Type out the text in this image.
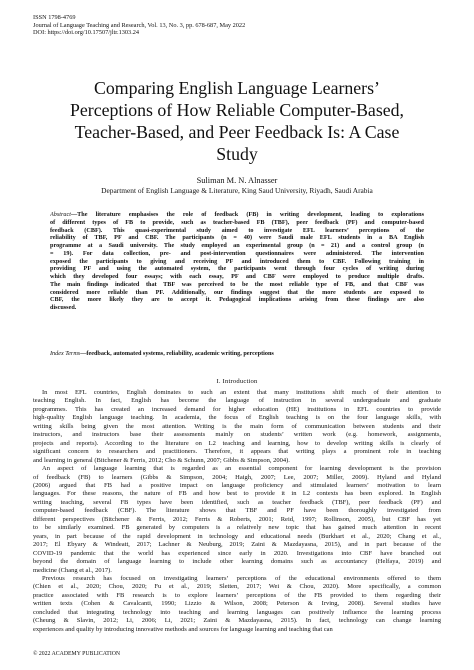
ISSN 1798-4769
Journal of Language Teaching and Research, Vol. 13, No. 3, pp. 678-687, May 2022
DOI: https://doi.org/10.17507/jltr.1303.24
Comparing English Language Learners’
Perceptions of How Reliable Computer-Based,
Teacher-Based, and Peer Feedback Is: A Case
Study
Suliman M. N. Alnasser
Department of English Language & Literature, King Saud University, Riyadh, Saudi Arabia
Abstract—The literature emphasises the role of feedback (FB) in writing development, leading to explorations
of different types of FB to provide, such as teacher-based FB (TBF), peer feedback (PF) and computer-based
feedback (CBF). This quasi-experimental study aimed to investigate EFL learners’ perceptions of the
reliability of TBF, PF and CBF. The participants (n = 40) were Saudi male EFL students in a BA English
programme at a Saudi university. The study employed an experimental group (n = 21) and a control group (n
= 19). For data collection, pre- and post-intervention questionnaires were administered. The intervention
exposed the participants to giving and receiving PF and introduced them to CBF. Following training in
providing PF and using the automated system, the participants went through four cycles of writing during
which they developed four essays; with each essay, PF and CBF were employed to produce multiple drafts.
The main findings indicated that TBF was perceived to be the most reliable type of FB, and that CBF was
considered more reliable than PF. Additionally, our findings suggest that the more students are exposed to
CBF, the more likely they are to accept it. Pedagogical implications arising from these findings are also
discussed.
Index Terms—feedback, automated systems, reliability, academic writing, perceptions
I. Introduction
In most EFL countries, English dominates to such an extent that many institutions shift much of their attention to
teaching English. In fact, English has become the language of instruction in several undergraduate and graduate
programmes. This has created an increased demand for higher education (HE) institutions in EFL countries to provide
high-quality English language teaching. In academia, the focus of English teaching is on the four language skills, with
writing skills being given the most attention. Writing is the main form of communication between students and their
instructors, and instructors base their assessments mainly on students’ written work (e.g. homework, assignments,
projects and reports). According to the literature on L2 teaching and learning, how to develop writing skills is clearly of
significant concern to researchers and practitioners. Therefore, it appears that writing plays a prominent role in teaching
and learning in general (Bitchener & Ferris, 2012; Cho & Schunn, 2007; Gibbs & Simpson, 2004).
An aspect of language learning that is regarded as an essential component for learning development is the provision
of feedback (FB) to learners (Gibbs & Simpson, 2004; Haigh, 2007; Lee, 2007; Miller, 2009). Hyland and Hyland
(2006) argued that FB had a positive impact on language proficiency and stimulated learners’ motivation to learn
languages. For these reasons, the nature of FB and how best to provide it in L2 contexts has been explored. In English
writing teaching, several FB types have been identified, such as teacher feedback (TBF), peer feedback (PF) and
computer-based feedback (CBF). The literature shows that TBF and PF have been thoroughly investigated from
different perspectives (Bitchener & Ferris, 2012; Ferris & Roberts, 2001; Reid, 1997; Rollinson, 2005), but CBF has yet
to be similarly examined. FB generated by computers is a relatively new topic that has gained much attention in recent
years, in part because of the rapid development in technology and educational needs (Burkhart et al., 2020; Chang et al.,
2017; El Ebyary & Windeatt, 2017; Lachner & Neuburg, 2019; Zaini & Mazdayasna, 2015), and in part because of the
COVID-19 pandemic that the world has experienced since early in 2020. Investigations into CBF have branched out
beyond the domain of language learning to include other learning domains such as accountancy (Helfaya, 2019) and
medicine (Chang et al., 2017).
Previous research has focused on investigating learners’ perceptions of the educational environments offered to them
(Chien et al., 2020; Chou, 2020; Fu et al., 2019; Sletten, 2017; Wei & Chou, 2020). More specifically, a common
practice associated with FB research is to explore learners’ perceptions of the FB provided to them regarding their
written texts (Cohen & Cavalcanti, 1990; Lizzio & Wilson, 2008; Peterson & Irving, 2008). Several studies have
concluded that integrating technology into teaching and learning languages can positively influence the learning process
(Cheung & Slavin, 2012; Li, 2006; Li, 2021; Zaini & Mazdayasna, 2015). In fact, technology can change learning
experiences and quality by introducing innovative methods and sources for language learning and teaching that can
© 2022 ACADEMY PUBLICATION
